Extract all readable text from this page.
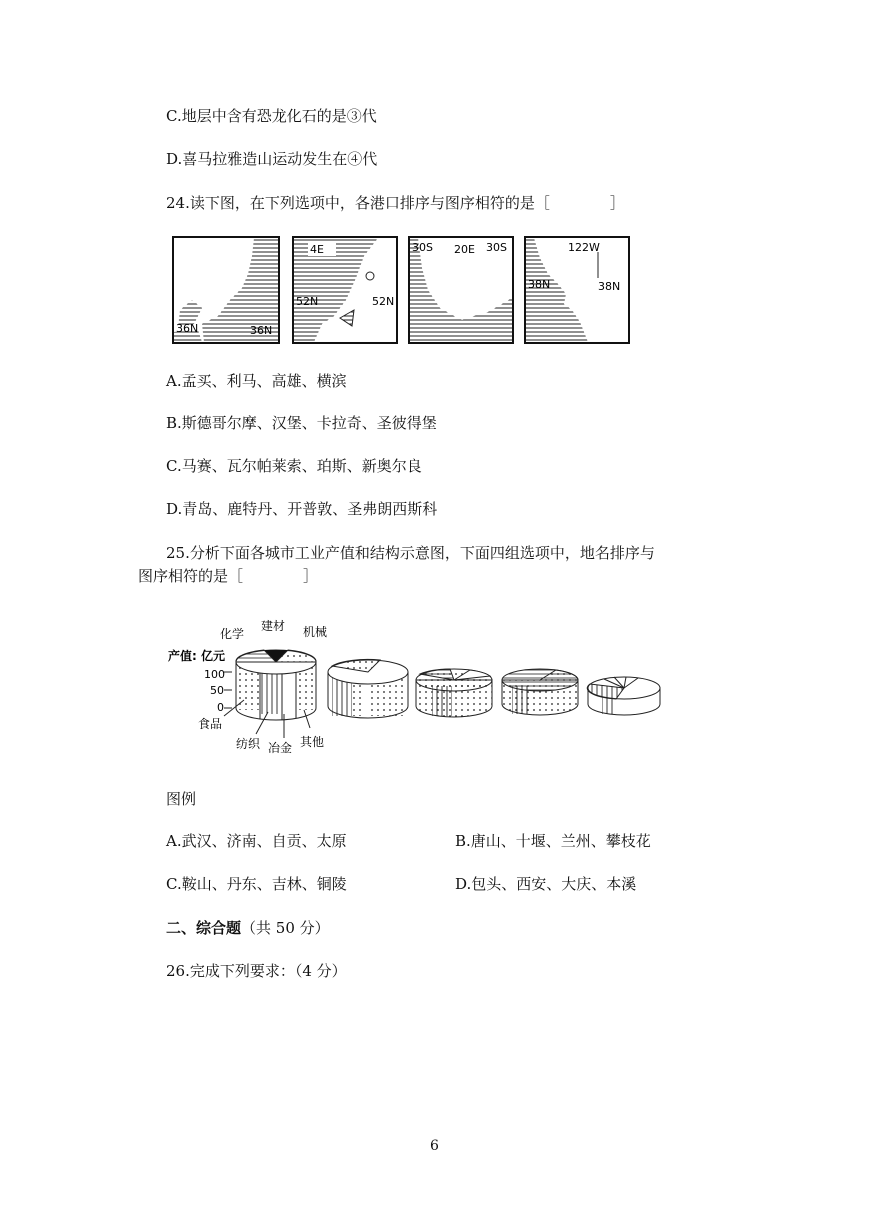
C.地层中含有恐龙化石的是③代
D.喜马拉雅造山运动发生在④代
24.读下图，在下列选项中，各港口排序与图序相符的是［　　　　］
36N	36N
4E
52N	52N
30S 20E 30S	122W
38N	38N
A.孟买、利马、高雄、横滨
B.斯德哥尔摩、汉堡、卡拉奇、圣彼得堡
C.马赛、瓦尔帕莱索、珀斯、新奥尔良
D.青岛、鹿特丹、开普敦、圣弗朗西斯科
25.分析下面各城市工业产值和结构示意图，下面四组选项中，地名排序与
图序相符的是［　　　　］
化学
建材 机械
产值: 亿元
100
50
0
食品
纺织 冶金 其他
图例
A.武汉、济南、自贡、太原	B.唐山、十堰、兰州、攀枝花
C.鞍山、丹东、吉林、铜陵	D.包头、西安、大庆、本溪
二、综合题（共 50 分）
26.完成下列要求：（4 分）
6
